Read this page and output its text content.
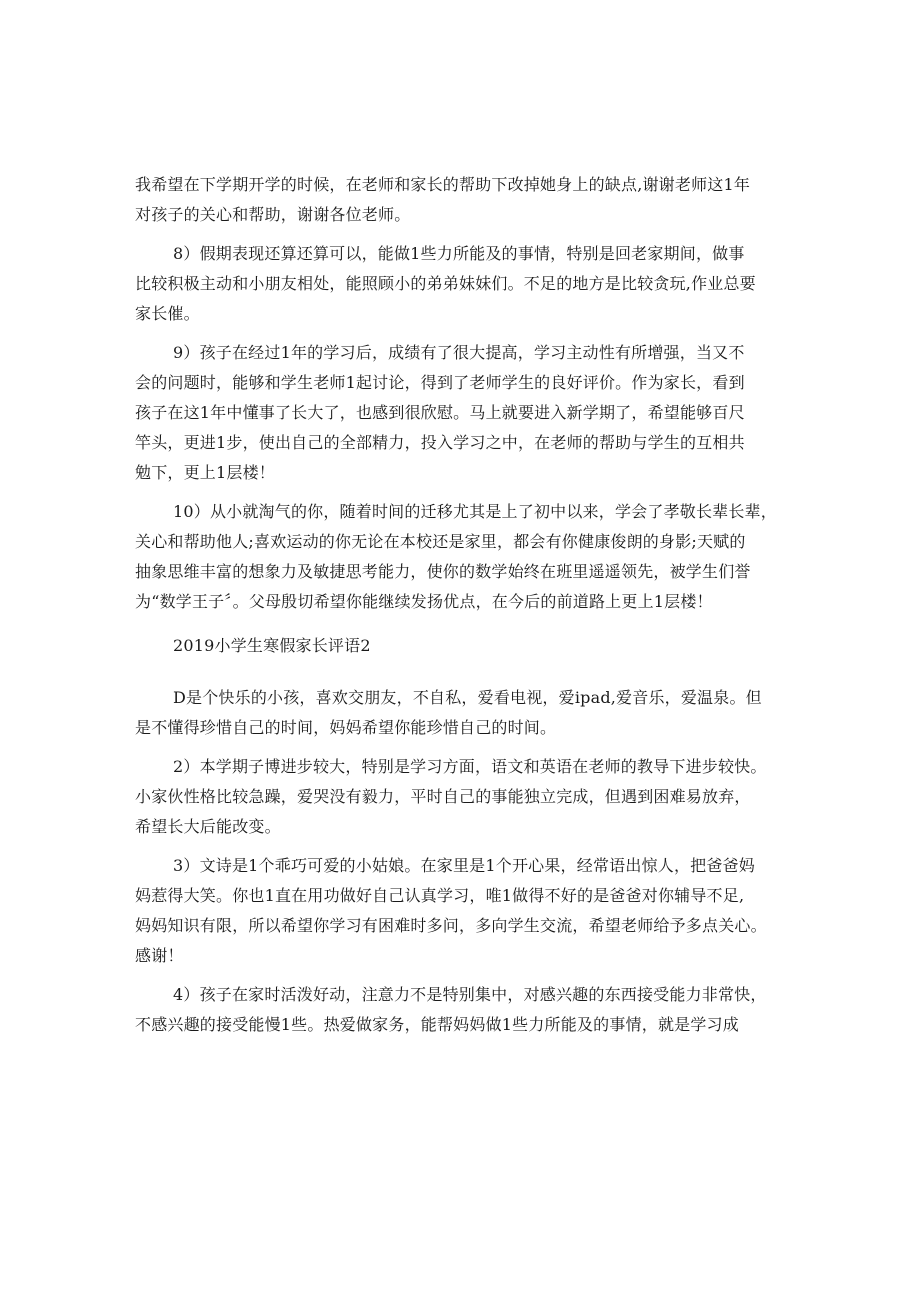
我希望在下学期开学的时候，在老师和家长的帮助下改掉她身上的缺点,谢谢老师这1年
对孩子的关心和帮助，谢谢各位老师。
8）假期表现还算还算可以，能做1些力所能及的事情，特别是回老家期间，做事
比较积极主动和小朋友相处，能照顾小的弟弟妹妹们。不足的地方是比较贪玩,作业总要
家长催。
9）孩子在经过1年的学习后，成绩有了很大提高，学习主动性有所增强，当又不
会的问题时，能够和学生老师1起讨论，得到了老师学生的良好评价。作为家长，看到
孩子在这1年中懂事了长大了，也感到很欣慰。马上就要进入新学期了，希望能够百尺
竿头，更进1步，使出自己的全部精力，投入学习之中，在老师的帮助与学生的互相共
勉下，更上1层楼！
10）从小就淘气的你，随着时间的迁移尤其是上了初中以来，学会了孝敬长辈长辈，
关心和帮助他人;喜欢运动的你无论在本校还是家里，都会有你健康俊朗的身影;天赋的
抽象思维丰富的想象力及敏捷思考能力，使你的数学始终在班里遥遥领先，被学生们誉
为“数学王子〞。父母殷切希望你能继续发扬优点，在今后的前道路上更上1层楼！
2019小学生寒假家长评语2
D是个快乐的小孩，喜欢交朋友，不自私，爱看电视，爱ipad,爱音乐，爱温泉。但
是不懂得珍惜自己的时间，妈妈希望你能珍惜自己的时间。
2）本学期子博进步较大，特别是学习方面，语文和英语在老师的教导下进步较快。
小家伙性格比较急躁，爱哭没有毅力，平时自己的事能独立完成，但遇到困难易放弃，
希望长大后能改变。
3）文诗是1个乖巧可爱的小姑娘。在家里是1个开心果，经常语出惊人，把爸爸妈
妈惹得大笑。你也1直在用功做好自己认真学习，唯1做得不好的是爸爸对你辅导不足,
妈妈知识有限，所以希望你学习有困难时多问，多向学生交流，希望老师给予多点关心。
感谢！
4）孩子在家时活泼好动，注意力不是特别集中，对感兴趣的东西接受能力非常快，
不感兴趣的接受能慢1些。热爱做家务，能帮妈妈做1些力所能及的事情，就是学习成
